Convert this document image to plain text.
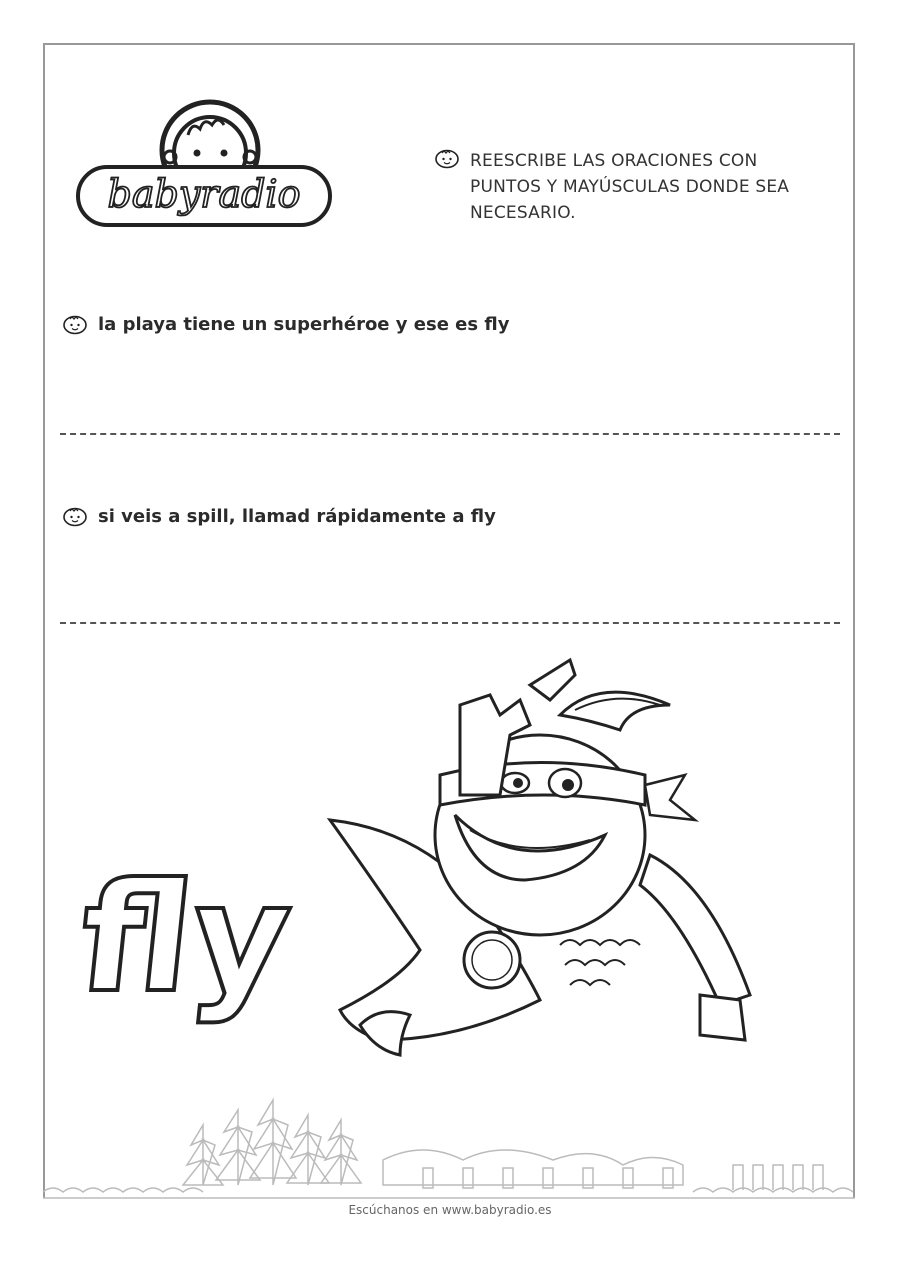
babyradio
REESCRIBE LAS ORACIONES CON PUNTOS Y MAYÚSCULAS DONDE SEA NECESARIO.
la playa tiene un superhéroe y ese es fly
si veis a spill, llamad rápidamente a fly
fly
Escúchanos en www.babyradio.es
